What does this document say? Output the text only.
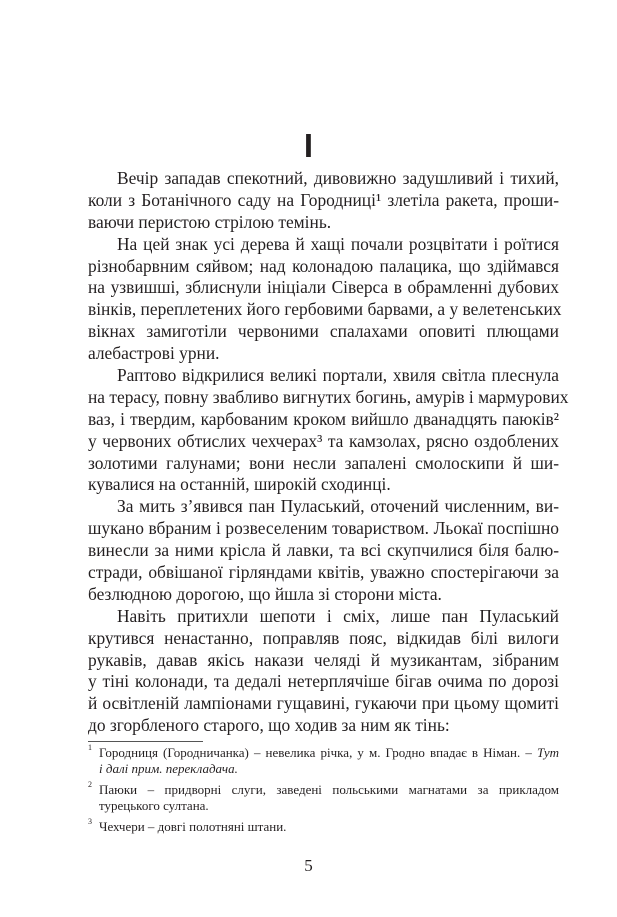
I
Вечір западав спекотний, дивовижно задушливий і тихий,
коли з Ботанічного саду на Городниці¹ злетіла ракета, проши-
ваючи перистою стрілою темінь.
На цей знак усі дерева й хащі почали розцвітати і роїтися
різнобарвним сяйвом; над колонадою палацика, що здіймався
на узвишші, зблиснули ініціали Сіверса в обрамленні дубових
вінків, переплетених його гербовими барвами, а у велетенських
вікнах замиготіли червоними спалахами оповиті плющами
алебастрові урни.
Раптово відкрилися великі портали, хвиля світла плеснула
на терасу, повну звабливо вигнутих богинь, амурів і мармурових
ваз, і твердим, карбованим кроком вийшло дванадцять паюків²
у червоних обтислих чехчерах³ та камзолах, рясно оздоблених
золотими галунами; вони несли запалені смолоскипи й ши-
кувалися на останній, широкій сходинці.
За мить з’явився пан Пуласький, оточений численним, ви-
шукано вбраним і розвеселеним товариством. Льокаї поспішно
винесли за ними крісла й лавки, та всі скупчилися біля балю-
стради, обвішаної гірляндами квітів, уважно спостерігаючи за
безлюдною дорогою, що йшла зі сторони міста.
Навіть притихли шепоти і сміх, лише пан Пуласький
крутився ненастанно, поправляв пояс, відкидав білі вилоги
рукавів, давав якісь накази челяді й музикантам, зібраним
у тіні колонади, та дедалі нетерплячіше бігав очима по дорозі
й освітленій лампіонами гущавині, гукаючи при цьому щомиті
до згорбленого старого, що ходив за ним як тінь:
1 Городниця (Городничанка) – невелика річка, у м. Гродно впадає в Німан. – Тут
і далі прим. перекладача.
2 Паюки – придворні слуги, заведені польськими магнатами за прикладом
турецького султана.
3 Чехчери – довгі полотняні штани.
5
